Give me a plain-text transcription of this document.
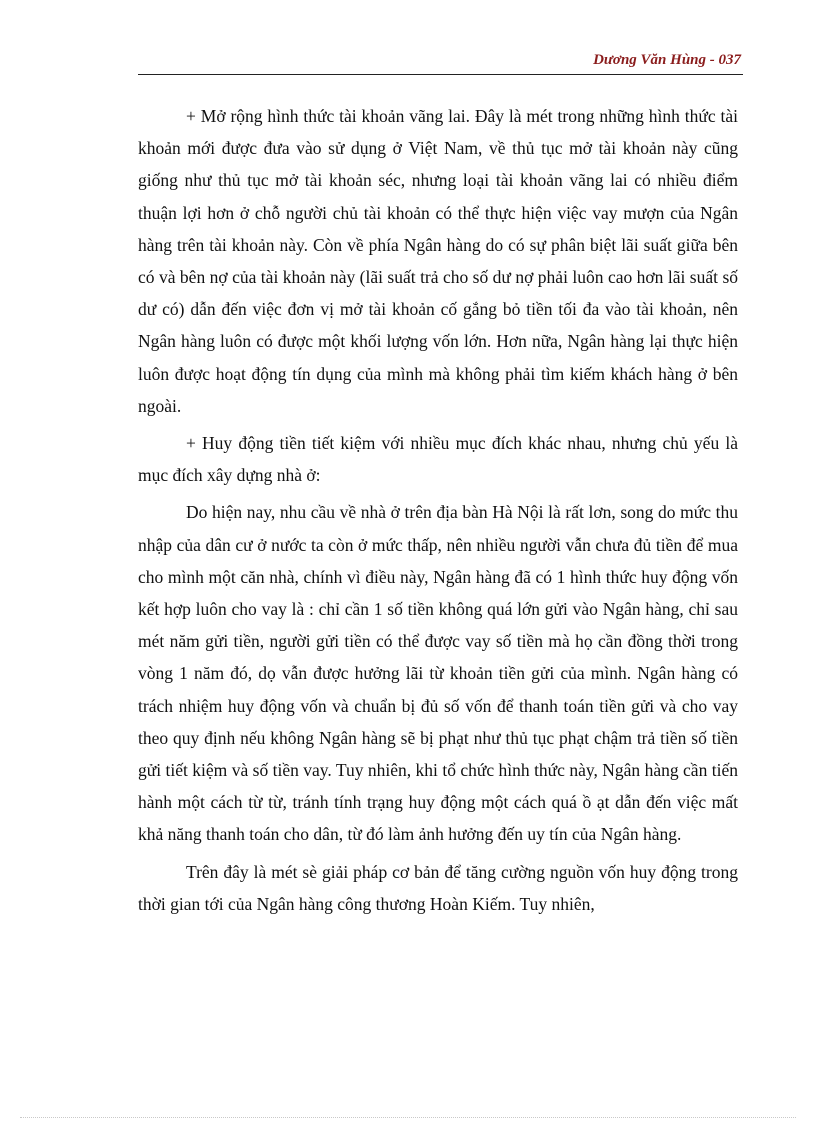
Dương Văn Hùng - 037

+ Mở rộng hình thức tài khoản vãng lai. Đây là mét trong những hình thức tài khoản mới được đưa vào sử dụng ở Việt Nam, về thủ tục mở tài khoản này cũng giống như thủ tục mở tài khoản séc, nhưng loại tài khoản vãng lai có nhiều điểm thuận lợi hơn ở chỗ người chủ tài khoản có thể thực hiện việc vay mượn của Ngân hàng trên tài khoản này. Còn về phía Ngân hàng do có sự phân biệt lãi suất giữa bên có và bên nợ của tài khoản này (lãi suất trả cho số dư nợ phải luôn cao hơn lãi suất số dư có) dẫn đến việc đơn vị mở tài khoản cố gắng bỏ tiền tối đa vào tài khoản, nên Ngân hàng luôn có được một khối lượng vốn lớn. Hơn nữa, Ngân hàng lại thực hiện luôn được hoạt động tín dụng của mình mà không phải tìm kiếm khách hàng ở bên ngoài.

+ Huy động tiền tiết kiệm với nhiều mục đích khác nhau, nhưng chủ yếu là mục đích xây dựng nhà ở:

Do hiện nay, nhu cầu về nhà ở trên địa bàn Hà Nội là rất lơn, song do mức thu nhập của dân cư ở nước ta còn ở mức thấp, nên nhiều người vẫn chưa đủ tiền để mua cho mình một căn nhà, chính vì điều này, Ngân hàng đã có 1 hình thức huy động vốn kết hợp luôn cho vay là : chỉ cần 1 số tiền không quá lớn gửi vào Ngân hàng, chỉ sau mét năm gửi tiền, người gửi tiền có thể được vay số tiền mà họ cần đồng thời trong vòng 1 năm đó, dọ vẫn được hưởng lãi từ khoản tiền gửi của mình. Ngân hàng có trách nhiệm huy động vốn và chuẩn bị đủ số vốn để thanh toán tiền gửi và cho vay theo quy định nếu không Ngân hàng sẽ bị phạt như thủ tục phạt chậm trả tiền số tiền gửi tiết kiệm và số tiền vay. Tuy nhiên, khi tổ chức hình thức này, Ngân hàng cần tiến hành một cách từ từ, tránh tính trạng huy động một cách quá ồ ạt dẫn đến việc mất khả năng thanh toán cho dân, từ đó làm ảnh hưởng đến uy tín của Ngân hàng.

Trên đây là mét sè giải pháp cơ bản để tăng cường nguồn vốn huy động trong thời gian tới của Ngân hàng công thương Hoàn Kiếm. Tuy nhiên,
